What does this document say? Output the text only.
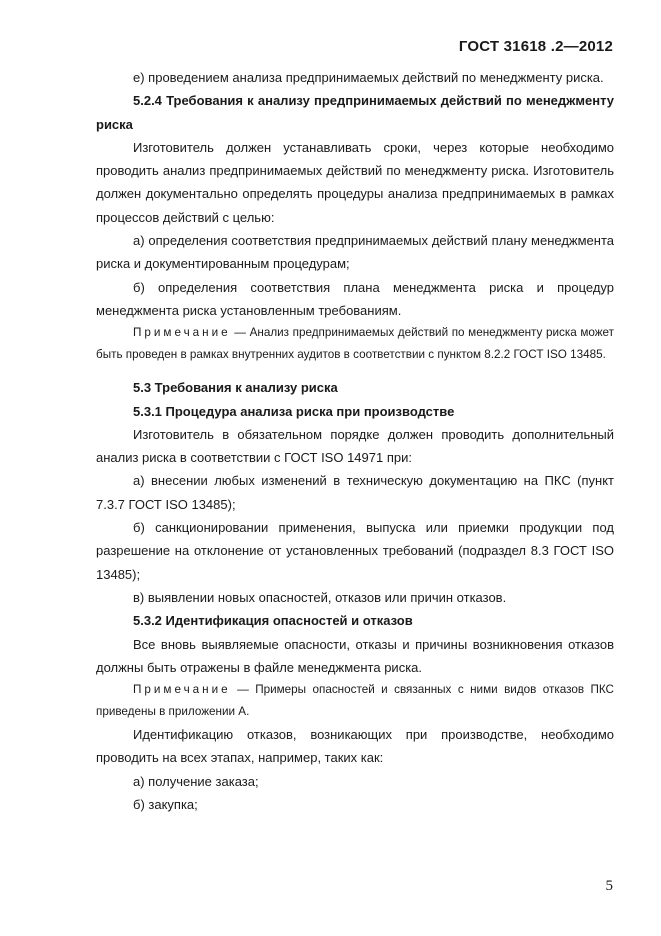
ГОСТ 31618 .2—2012

е) проведением анализа предпринимаемых действий по менеджменту риска.

5.2.4 Требования к анализу предпринимаемых действий по менеджменту риска

Изготовитель должен устанавливать сроки, через которые необходимо проводить анализ предпринимаемых действий по менеджменту риска. Изготовитель должен документально определять процедуры анализа предпринимаемых в рамках процессов действий с целью:

а) определения соответствия предпринимаемых действий плану менеджмента риска и документированным процедурам;

б) определения соответствия плана менеджмента риска и процедур менеджмента риска установленным требованиям.

Примечание — Анализ предпринимаемых действий по менеджменту риска может быть проведен в рамках внутренних аудитов в соответствии с пунктом 8.2.2 ГОСТ ISO 13485.

5.3 Требования к анализу риска

5.3.1 Процедура анализа риска при производстве

Изготовитель в обязательном порядке должен проводить дополнительный анализ риска в соответствии с ГОСТ ISO 14971 при:

а) внесении любых изменений в техническую документацию на ПКС (пункт 7.3.7 ГОСТ ISO 13485);

б) санкционировании применения, выпуска или приемки продукции под разрешение на отклонение от установленных требований (подраздел 8.3 ГОСТ ISO 13485);

в) выявлении новых опасностей, отказов или причин отказов.

5.3.2 Идентификация опасностей и отказов

Все вновь выявляемые опасности, отказы и причины возникновения отказов должны быть отражены в файле менеджмента риска.

Примечание — Примеры опасностей и связанных с ними видов отказов ПКС приведены в приложении А.

Идентификацию отказов, возникающих при производстве, необходимо проводить на всех этапах, например, таких как:

а) получение заказа;

б) закупка;

5
